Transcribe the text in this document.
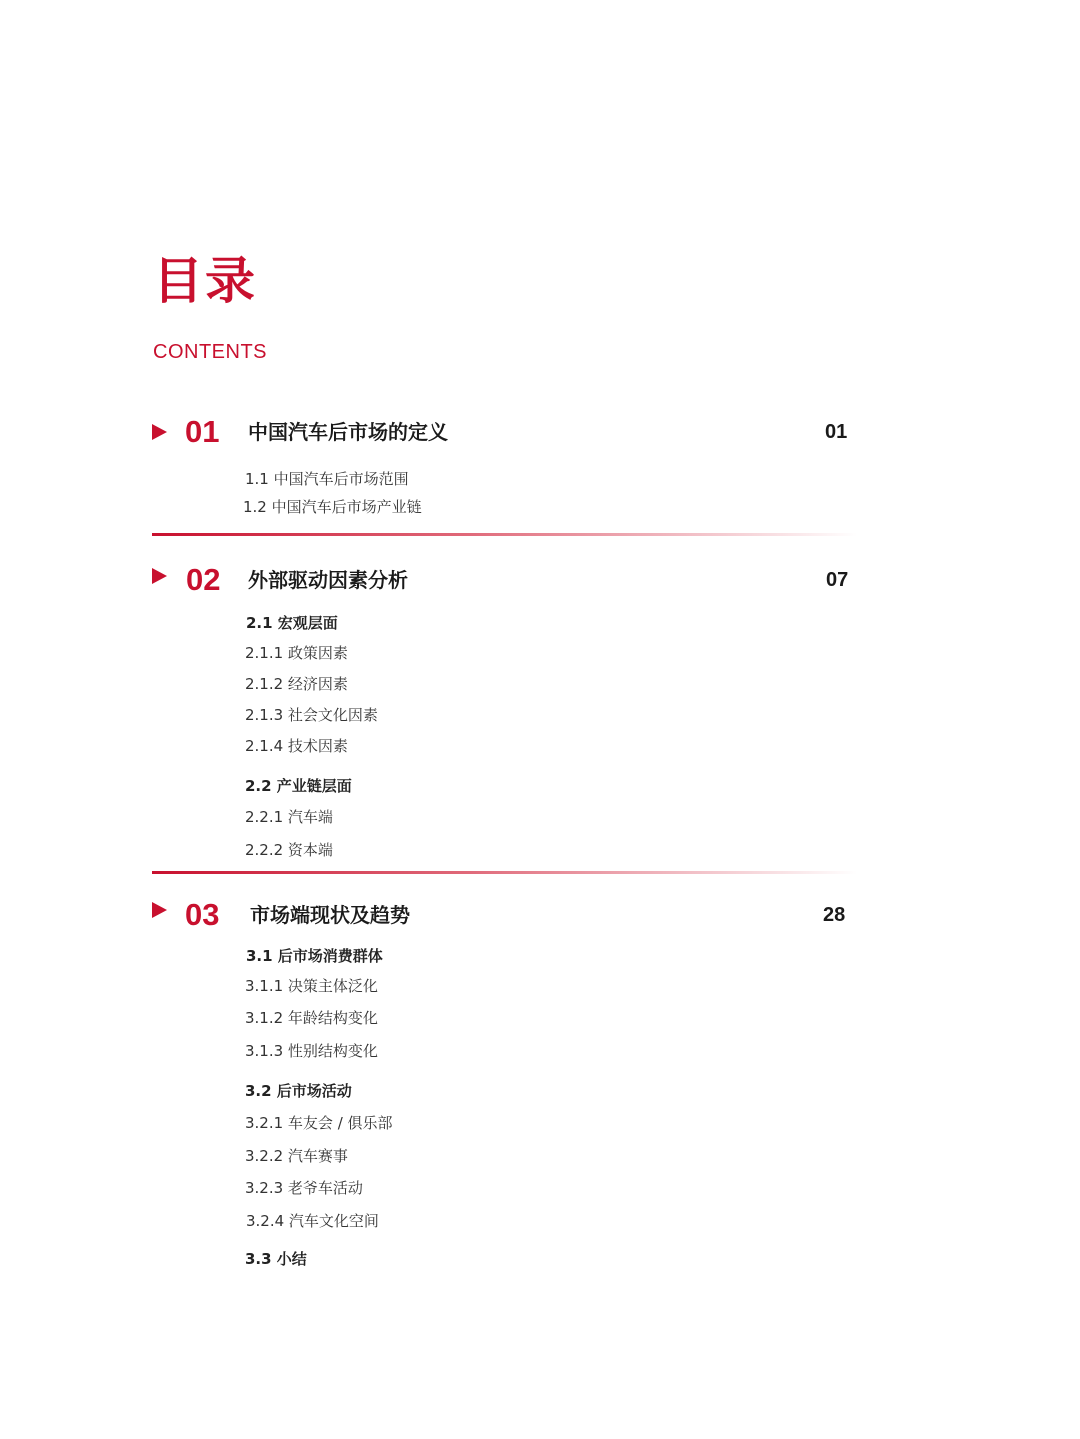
目录
CONTENTS
01 中国汽车后市场的定义	01
1.1 中国汽车后市场范围
1.2 中国汽车后市场产业链
02 外部驱动因素分析	07
2.1 宏观层面
2.1.1 政策因素
2.1.2 经济因素
2.1.3 社会文化因素
2.1.4 技术因素
2.2 产业链层面
2.2.1 汽车端
2.2.2 资本端
03 市场端现状及趋势	28
3.1 后市场消费群体
3.1.1 决策主体泛化
3.1.2 年龄结构变化
3.1.3 性别结构变化
3.2 后市场活动
3.2.1 车友会 / 俱乐部
3.2.2 汽车赛事
3.2.3 老爷车活动
3.2.4 汽车文化空间
3.3 小结
